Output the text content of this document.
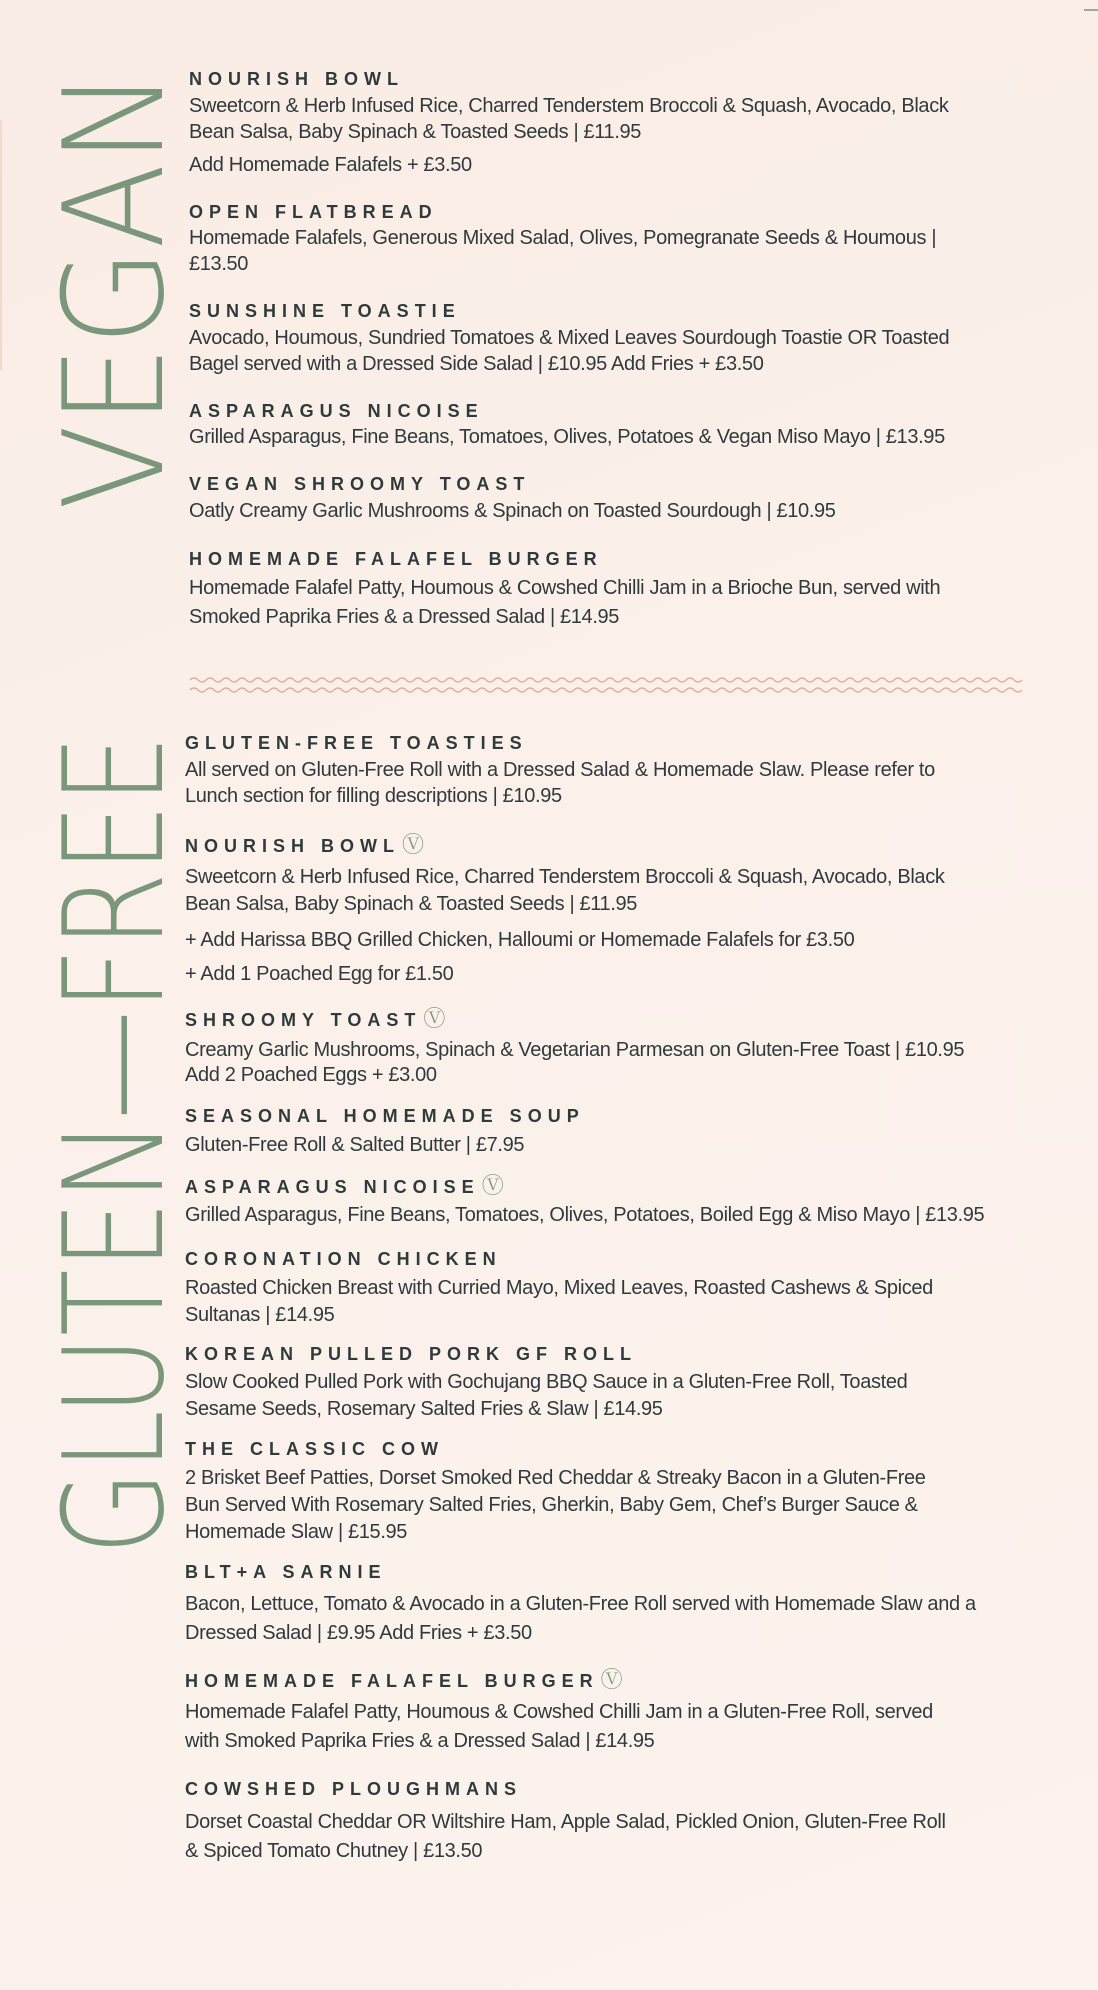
VEGAN
GLUTEN—FREE
NOURISH BOWL
Sweetcorn & Herb Infused Rice, Charred Tenderstem Broccoli & Squash, Avocado, Black
Bean Salsa, Baby Spinach & Toasted Seeds | £11.95
Add Homemade Falafels + £3.50
OPEN FLATBREAD
Homemade Falafels, Generous Mixed Salad, Olives, Pomegranate Seeds & Houmous |
£13.50
SUNSHINE TOASTIE
Avocado, Houmous, Sundried Tomatoes & Mixed Leaves Sourdough Toastie OR Toasted
Bagel served with a Dressed Side Salad | £10.95 Add Fries + £3.50
ASPARAGUS NICOISE
Grilled Asparagus, Fine Beans, Tomatoes, Olives, Potatoes & Vegan Miso Mayo | £13.95
VEGAN SHROOMY TOAST
Oatly Creamy Garlic Mushrooms & Spinach on Toasted Sourdough | £10.95
HOMEMADE FALAFEL BURGER
Homemade Falafel Patty, Houmous & Cowshed Chilli Jam in a Brioche Bun, served with
Smoked Paprika Fries & a Dressed Salad | £14.95
GLUTEN-FREE TOASTIES
All served on Gluten-Free Roll with a Dressed Salad & Homemade Slaw. Please refer to
Lunch section for filling descriptions | £10.95
NOURISH BOWLⓋ
Sweetcorn & Herb Infused Rice, Charred Tenderstem Broccoli & Squash, Avocado, Black
Bean Salsa, Baby Spinach & Toasted Seeds | £11.95
+ Add Harissa BBQ Grilled Chicken, Halloumi or Homemade Falafels for £3.50
+ Add 1 Poached Egg for £1.50
SHROOMY TOASTⓋ
Creamy Garlic Mushrooms, Spinach & Vegetarian Parmesan on Gluten-Free Toast | £10.95
Add 2 Poached Eggs + £3.00
SEASONAL HOMEMADE SOUP
Gluten-Free Roll & Salted Butter | £7.95
ASPARAGUS NICOISEⓋ
Grilled Asparagus, Fine Beans, Tomatoes, Olives, Potatoes, Boiled Egg & Miso Mayo | £13.95
CORONATION CHICKEN
Roasted Chicken Breast with Curried Mayo, Mixed Leaves, Roasted Cashews & Spiced
Sultanas | £14.95
KOREAN PULLED PORK GF ROLL
Slow Cooked Pulled Pork with Gochujang BBQ Sauce in a Gluten-Free Roll, Toasted
Sesame Seeds, Rosemary Salted Fries & Slaw | £14.95
THE CLASSIC COW
2 Brisket Beef Patties, Dorset Smoked Red Cheddar & Streaky Bacon in a Gluten-Free
Bun Served With Rosemary Salted Fries, Gherkin, Baby Gem, Chef’s Burger Sauce &
Homemade Slaw | £15.95
BLT+A SARNIE
Bacon, Lettuce, Tomato & Avocado in a Gluten-Free Roll served with Homemade Slaw and a
Dressed Salad | £9.95 Add Fries + £3.50
HOMEMADE FALAFEL BURGERⓋ
Homemade Falafel Patty, Houmous & Cowshed Chilli Jam in a Gluten-Free Roll, served
with Smoked Paprika Fries & a Dressed Salad | £14.95
COWSHED PLOUGHMANS
Dorset Coastal Cheddar OR Wiltshire Ham, Apple Salad, Pickled Onion, Gluten-Free Roll
& Spiced Tomato Chutney | £13.50
